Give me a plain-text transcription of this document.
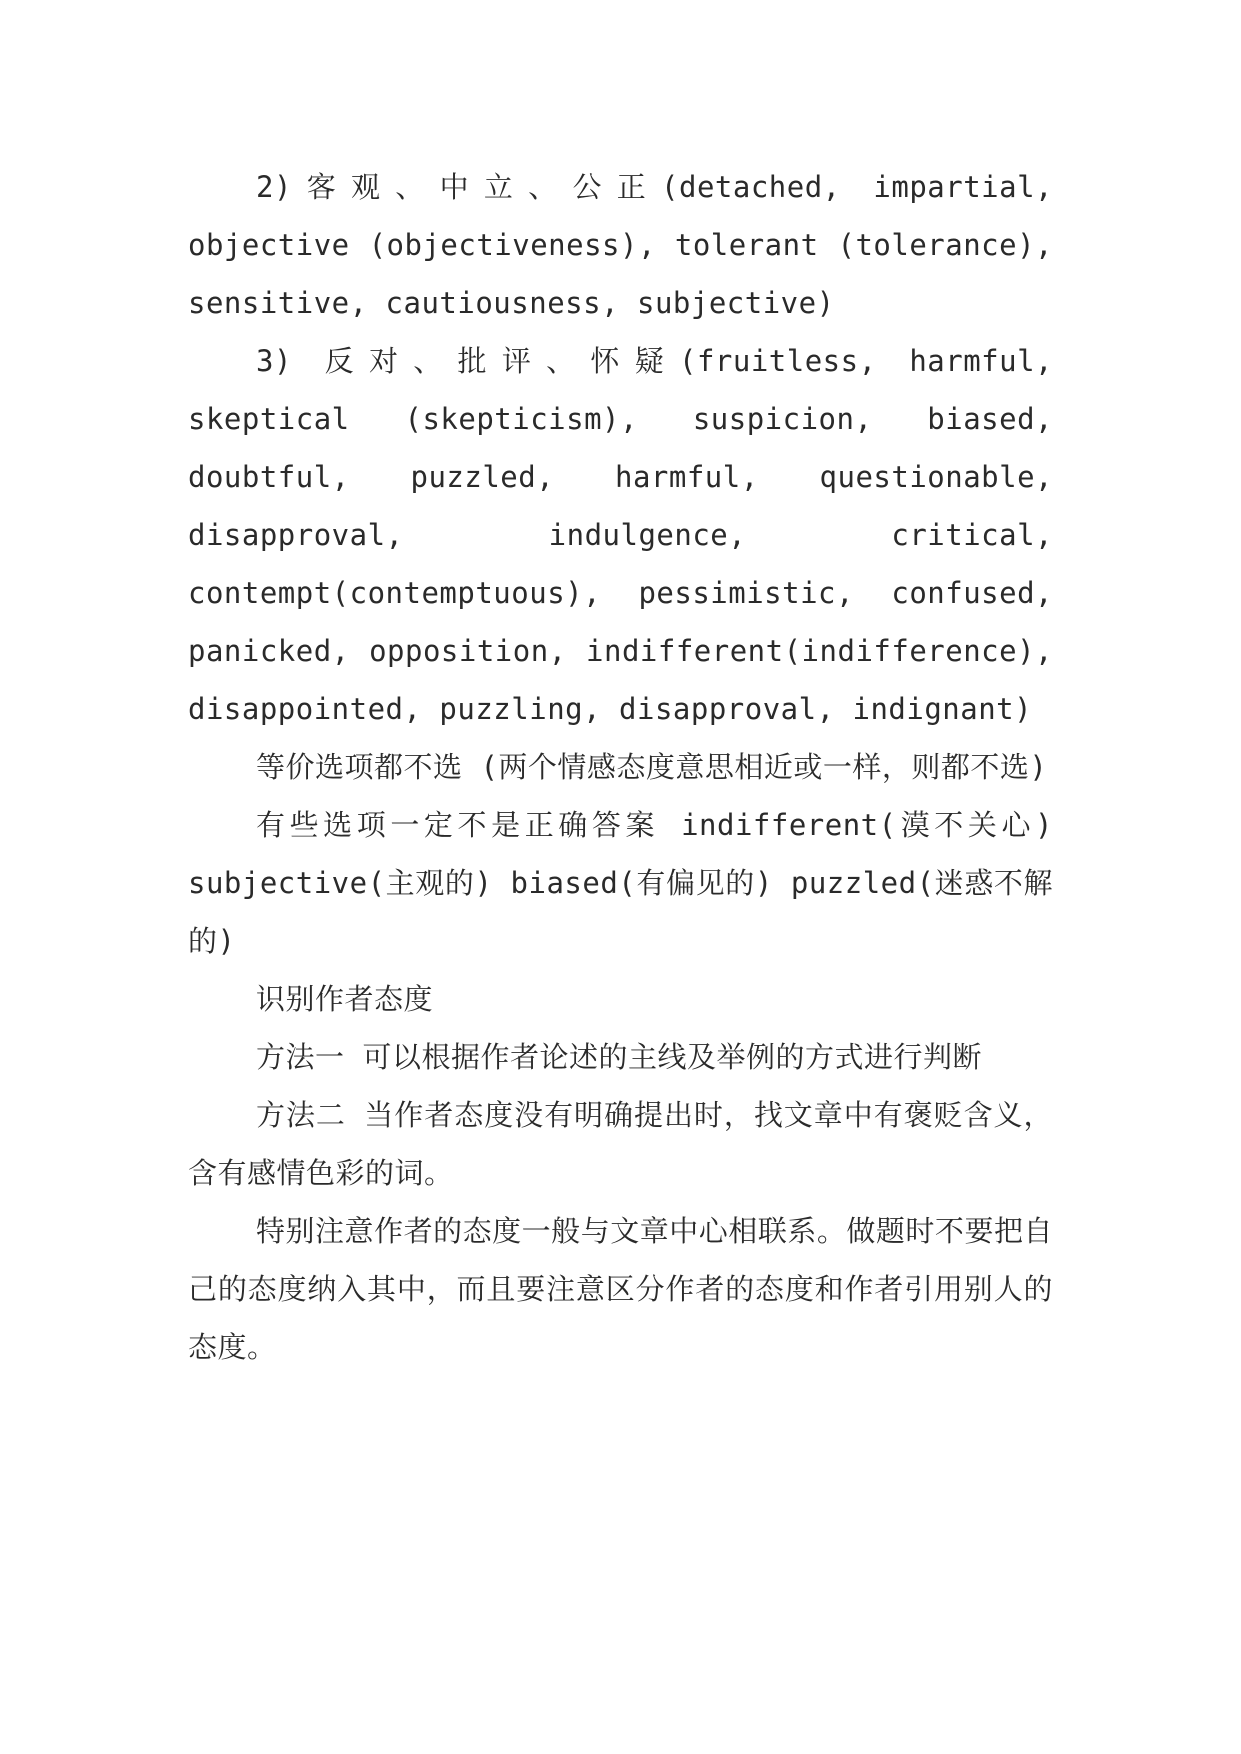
2)客观、中立、公正(detached, impartial, objective (objectiveness), tolerant (tolerance), sensitive, cautiousness, subjective)

3) 反对、批评、怀疑(fruitless, harmful, skeptical (skepticism), suspicion, biased, doubtful, puzzled, harmful, questionable, disapproval, indulgence, critical, contempt(contemptuous), pessimistic, confused, panicked, opposition, indifferent(indifference), disappointed, puzzling, disapproval, indignant)

等价选项都不选 (两个情感态度意思相近或一样，则都不选)

有些选项一定不是正确答案 indifferent(漠不关心) subjective(主观的) biased(有偏见的) puzzled(迷惑不解的)

识别作者态度

方法一 可以根据作者论述的主线及举例的方式进行判断

方法二 当作者态度没有明确提出时，找文章中有褒贬含义，含有感情色彩的词。

特别注意作者的态度一般与文章中心相联系。做题时不要把自己的态度纳入其中，而且要注意区分作者的态度和作者引用别人的态度。
